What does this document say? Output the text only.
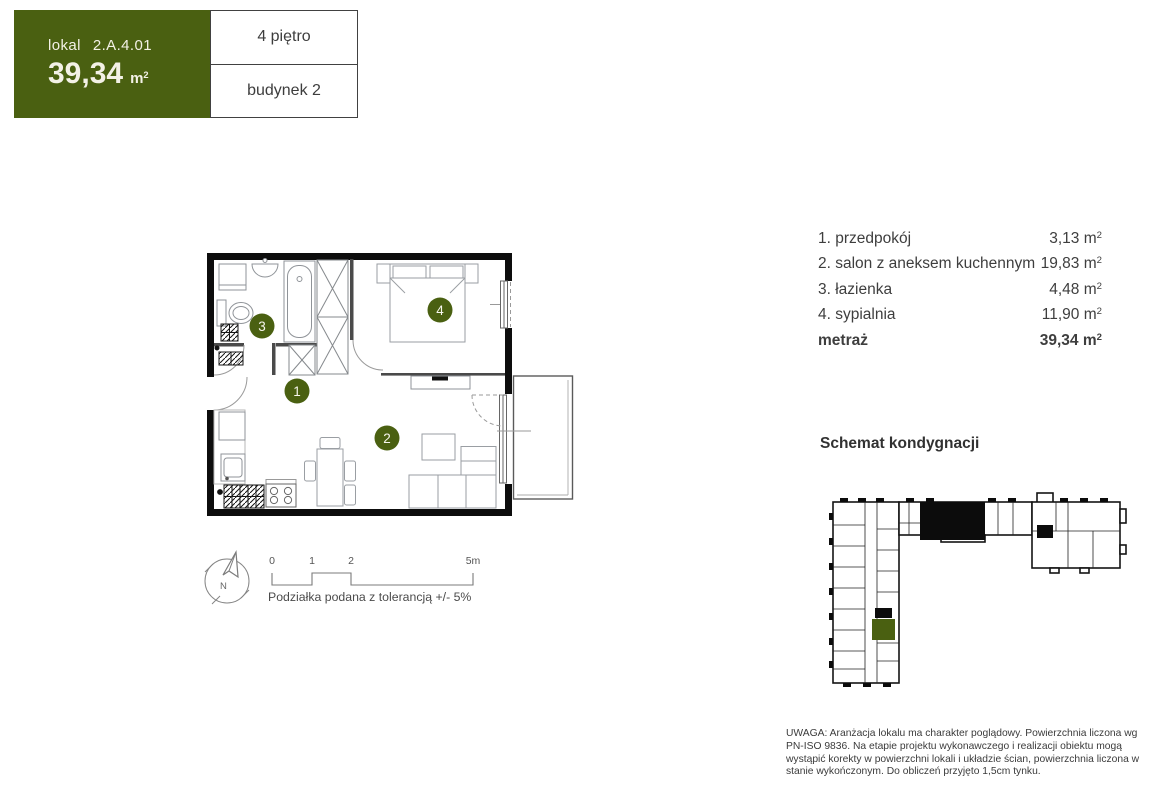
lokal 2.A.4.01
39,34 $m^2$
4 piętro
budynek 2
1
2
3
4
1. przedpokój	3,13 $m^2$
2. salon z aneksem kuchennym 19,83 $m^2$
3. łazienka	4,48 $m^2$
4. sypialnia	11,90 $m^2$
metraż	39,34 $m^2$
N
0	1	2	5m
Podziałka podana z tolerancją +/- 5%
Schemat kondygnacji
UWAGA: Aranżacja lokalu ma charakter poglądowy. Powierzchnia liczona wg PN-ISO 9836. Na etapie projektu wykonawczego i realizacji obiektu mogą wystąpić korekty w powierzchni lokali i układzie ścian, powierzchnia liczona w stanie wykończonym. Do obliczeń przyjęto 1,5cm tynku.
